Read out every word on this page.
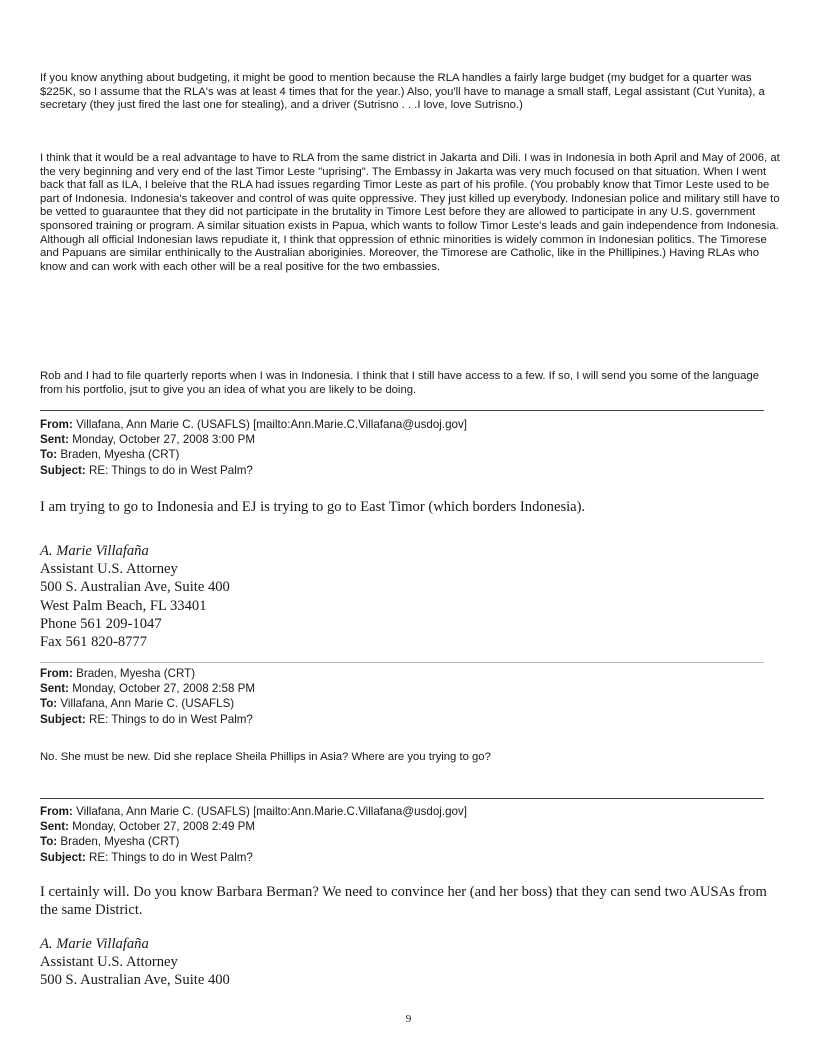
If you know anything about budgeting, it might be good to mention because the RLA handles a fairly large budget (my budget for a quarter was $225K, so I assume that the RLA's was at least 4 times that for the year.) Also, you'll have to manage a small staff, Legal assistant (Cut Yunita), a secretary (they just fired the last one for stealing), and a driver (Sutrisno . . .I love, love Sutrisno.)

I think that it would be a real advantage to have to RLA from the same district in Jakarta and Dili. I was in Indonesia in both April and May of 2006, at the very beginning and very end of the last Timor Leste "uprising". The Embassy in Jakarta was very much focused on that situation. When I went back that fall as ILA, I beleive that the RLA had issues regarding Timor Leste as part of his profile. (You probably know that Timor Leste used to be part of Indonesia. Indonesia's takeover and control of was quite oppressive. They just killed up everybody. Indonesian police and military still have to be vetted to guarauntee that they did not participate in the brutality in Timore Lest before they are allowed to participate in any U.S. government sponsored training or program. A similar situation exists in Papua, which wants to follow Timor Leste's leads and gain independence from Indonesia. Although all official Indonesian laws repudiate it, I think that oppression of ethnic minorities is widely common in Indonesian politics. The Timorese and Papuans are similar enthinically to the Australian aboriginies. Moreover, the Timorese are Catholic, like in the Phillipines.) Having RLAs who know and can work with each other will be a real positive for the two embassies.

Rob and I had to file quarterly reports when I was in Indonesia. I think that I still have access to a few. If so, I will send you some of the language from his portfolio, jsut to give you an idea of what you are likely to be doing.

From: Villafana, Ann Marie C. (USAFLS) [mailto:Ann.Marie.C.Villafana@usdoj.gov]
Sent: Monday, October 27, 2008 3:00 PM
To: Braden, Myesha (CRT)
Subject: RE: Things to do in West Palm?

I am trying to go to Indonesia and EJ is trying to go to East Timor (which borders Indonesia).

A. Marie Villafaña
Assistant U.S. Attorney
500 S. Australian Ave, Suite 400
West Palm Beach, FL 33401
Phone 561 209-1047
Fax 561 820-8777
From: Braden, Myesha (CRT)
Sent: Monday, October 27, 2008 2:58 PM
To: Villafana, Ann Marie C. (USAFLS)
Subject: RE: Things to do in West Palm?

No. She must be new. Did she replace Sheila Phillips in Asia? Where are you trying to go?

From: Villafana, Ann Marie C. (USAFLS) [mailto:Ann.Marie.C.Villafana@usdoj.gov]
Sent: Monday, October 27, 2008 2:49 PM
To: Braden, Myesha (CRT)
Subject: RE: Things to do in West Palm?

I certainly will. Do you know Barbara Berman? We need to convince her (and her boss) that they can send two AUSAs from the same District.

A. Marie Villafaña
Assistant U.S. Attorney
500 S. Australian Ave, Suite 400
9
